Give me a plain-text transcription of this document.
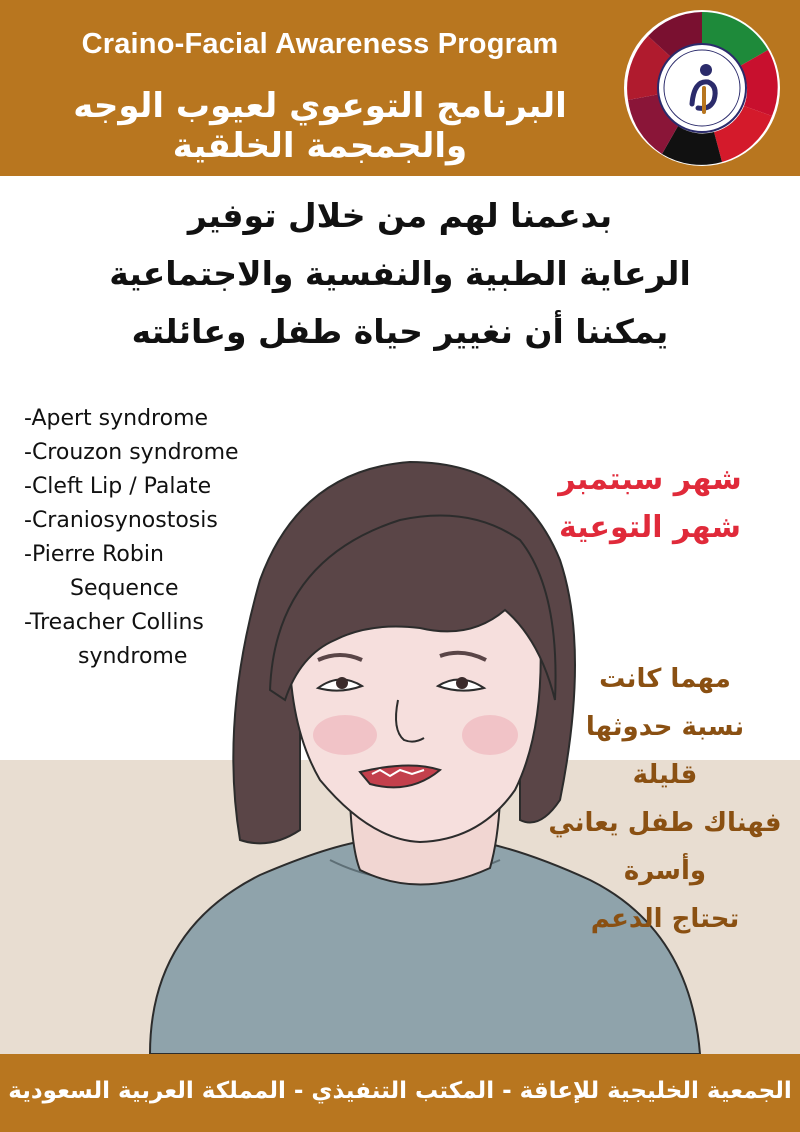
Craino-Facial Awareness Program
البرنامج التوعوي لعيوب الوجه والجمجمة الخلقية
بدعمنا لهم من خلال توفير
الرعاية الطبية والنفسية والاجتماعية
يمكننا أن نغيير حياة طفل وعائلته
-Apert syndrome
-Crouzon syndrome
-Cleft Lip / Palate
-Craniosynostosis
-Pierre Robin
Sequence
-Treacher Collins
syndrome
شهر سبتمبر
شهر التوعية
مهما كانت
نسبة حدوثها
قليلة
فهناك طفل يعاني
وأسرة
تحتاج الدعم
الجمعية الخليجية للإعاقة - المكتب التنفيذي - المملكة العربية السعودية
